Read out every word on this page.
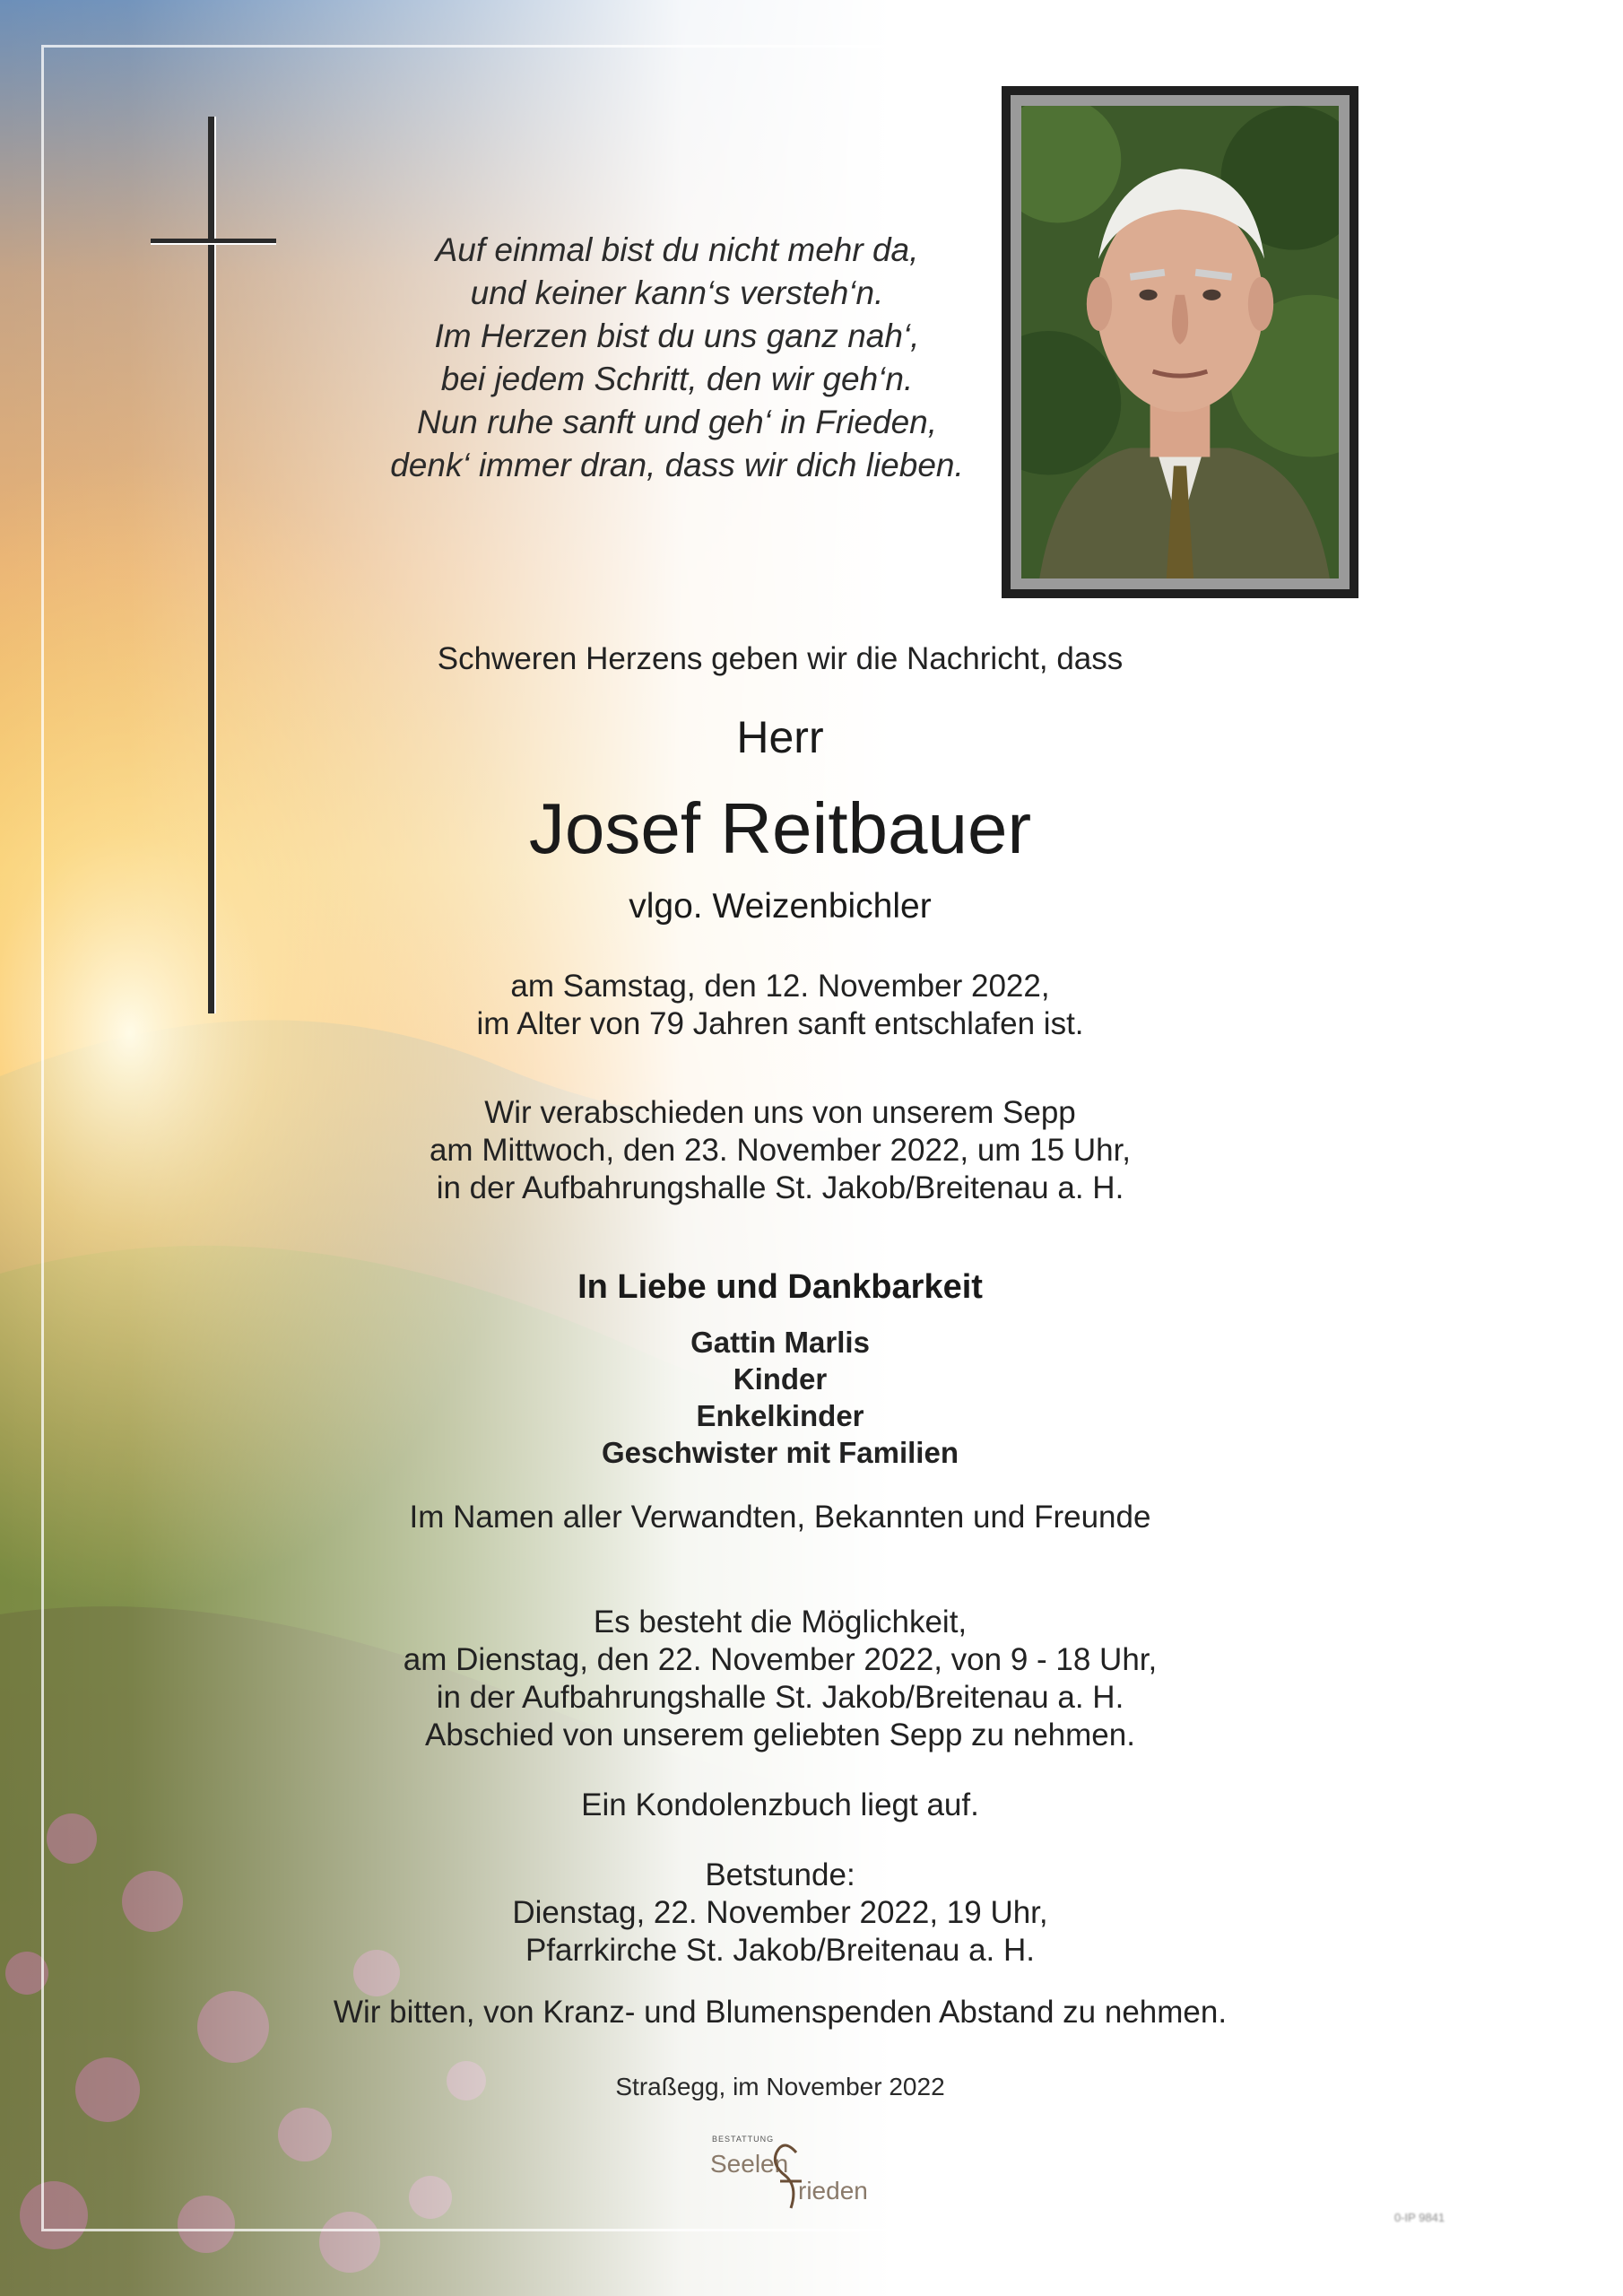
Auf einmal bist du nicht mehr da,
und keiner kann‘s versteh‘n.
Im Herzen bist du uns ganz nah‘,
bei jedem Schritt, den wir geh‘n.
Nun ruhe sanft und geh‘ in Frieden,
denk‘ immer dran, dass wir dich lieben.
Schweren Herzens geben wir die Nachricht, dass
Herr
Josef Reitbauer
vlgo. Weizenbichler
am Samstag, den 12. November 2022,
im Alter von 79 Jahren sanft entschlafen ist.
Wir verabschieden uns von unserem Sepp
am Mittwoch, den 23. November 2022, um 15 Uhr,
in der Aufbahrungshalle St. Jakob/Breitenau a. H.
In Liebe und Dankbarkeit
Gattin Marlis
Kinder
Enkelkinder
Geschwister mit Familien
Im Namen aller Verwandten, Bekannten und Freunde
Es besteht die Möglichkeit,
am Dienstag, den 22. November 2022, von 9 - 18 Uhr,
in der Aufbahrungshalle St. Jakob/Breitenau a. H.
Abschied von unserem geliebten Sepp zu nehmen.
Ein Kondolenzbuch liegt auf.
Betstunde:
Dienstag, 22. November 2022, 19 Uhr,
Pfarrkirche St. Jakob/Breitenau a. H.
Wir bitten, von Kranz- und Blumenspenden Abstand zu nehmen.
Straßegg, im November 2022
BESTATTUNG
Seelen
rieden
0-IP 9841
